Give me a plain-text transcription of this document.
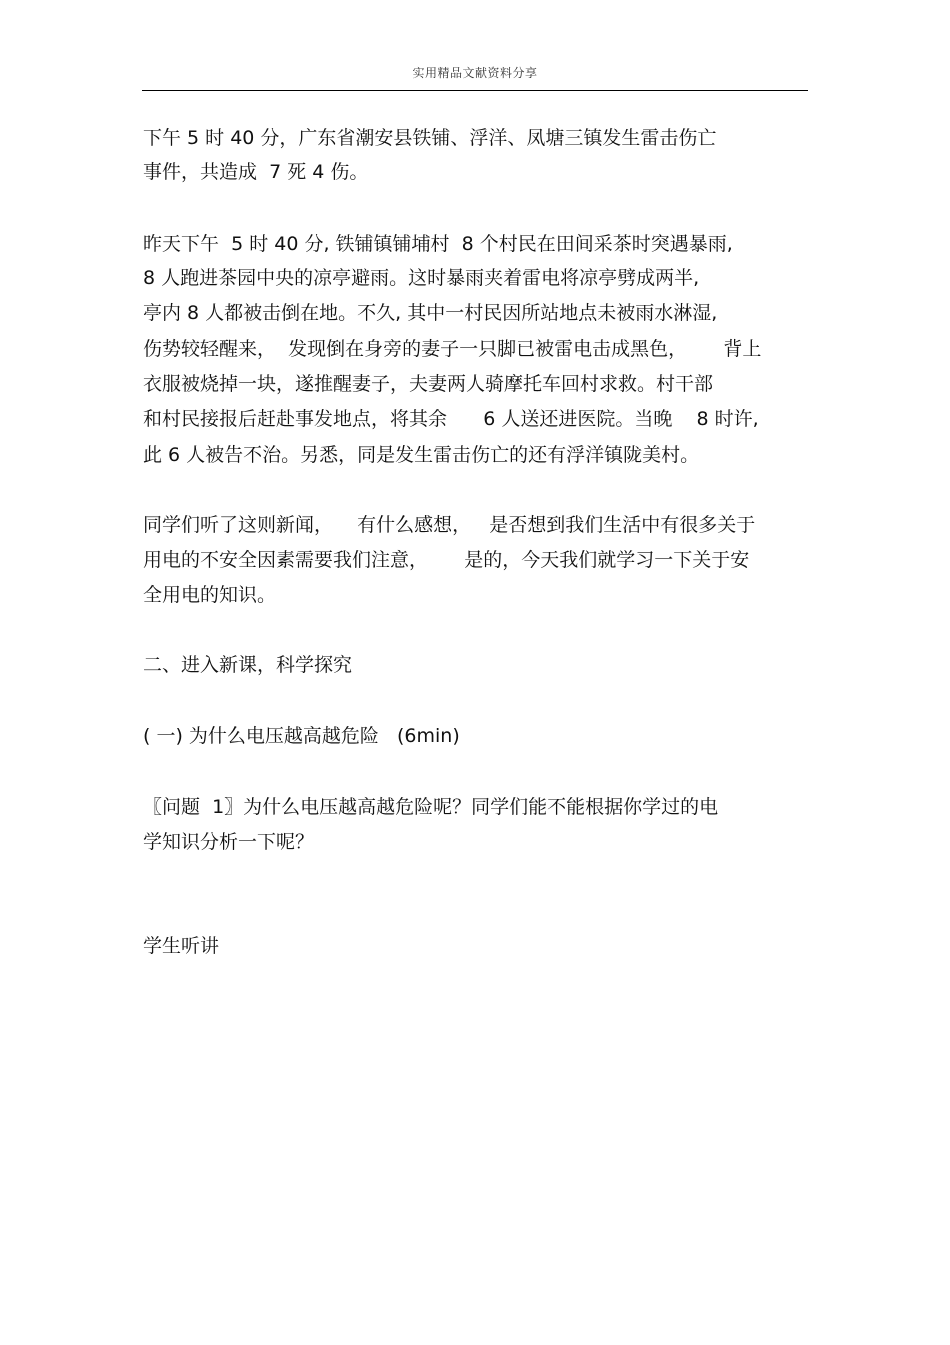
实用精品文献资料分享
下午 5 时 40 分，广东省潮安县铁铺、浮洋、凤塘三镇发生雷击伤亡
事件，共造成  7 死 4 伤。
昨天下午  5 时 40 分, 铁铺镇铺埔村  8 个村民在田间采茶时突遇暴雨,
8 人跑进茶园中央的凉亭避雨。这时暴雨夹着雷电将凉亭劈成两半,
亭内 8 人都被击倒在地。不久, 其中一村民因所站地点未被雨水淋湿,
伤势较轻醒来，  发现倒在身旁的妻子一只脚已被雷电击成黑色，      背上
衣服被烧掉一块，遂推醒妻子，夫妻两人骑摩托车回村求救。村干部
和村民接报后赶赴事发地点，将其余      6 人送还进医院。当晚    8 时许,
此 6 人被告不治。另悉，同是发生雷击伤亡的还有浮洋镇陇美村。
同学们听了这则新闻，    有什么感想，   是否想到我们生活中有很多关于
用电的不安全因素需要我们注意，      是的，今天我们就学习一下关于安
全用电的知识。
二、进入新课，科学探究
( 一) 为什么电压越高越危险   (6min)
〖问题  1〗为什么电压越高越危险呢？同学们能不能根据你学过的电
学知识分析一下呢？
学生听讲
